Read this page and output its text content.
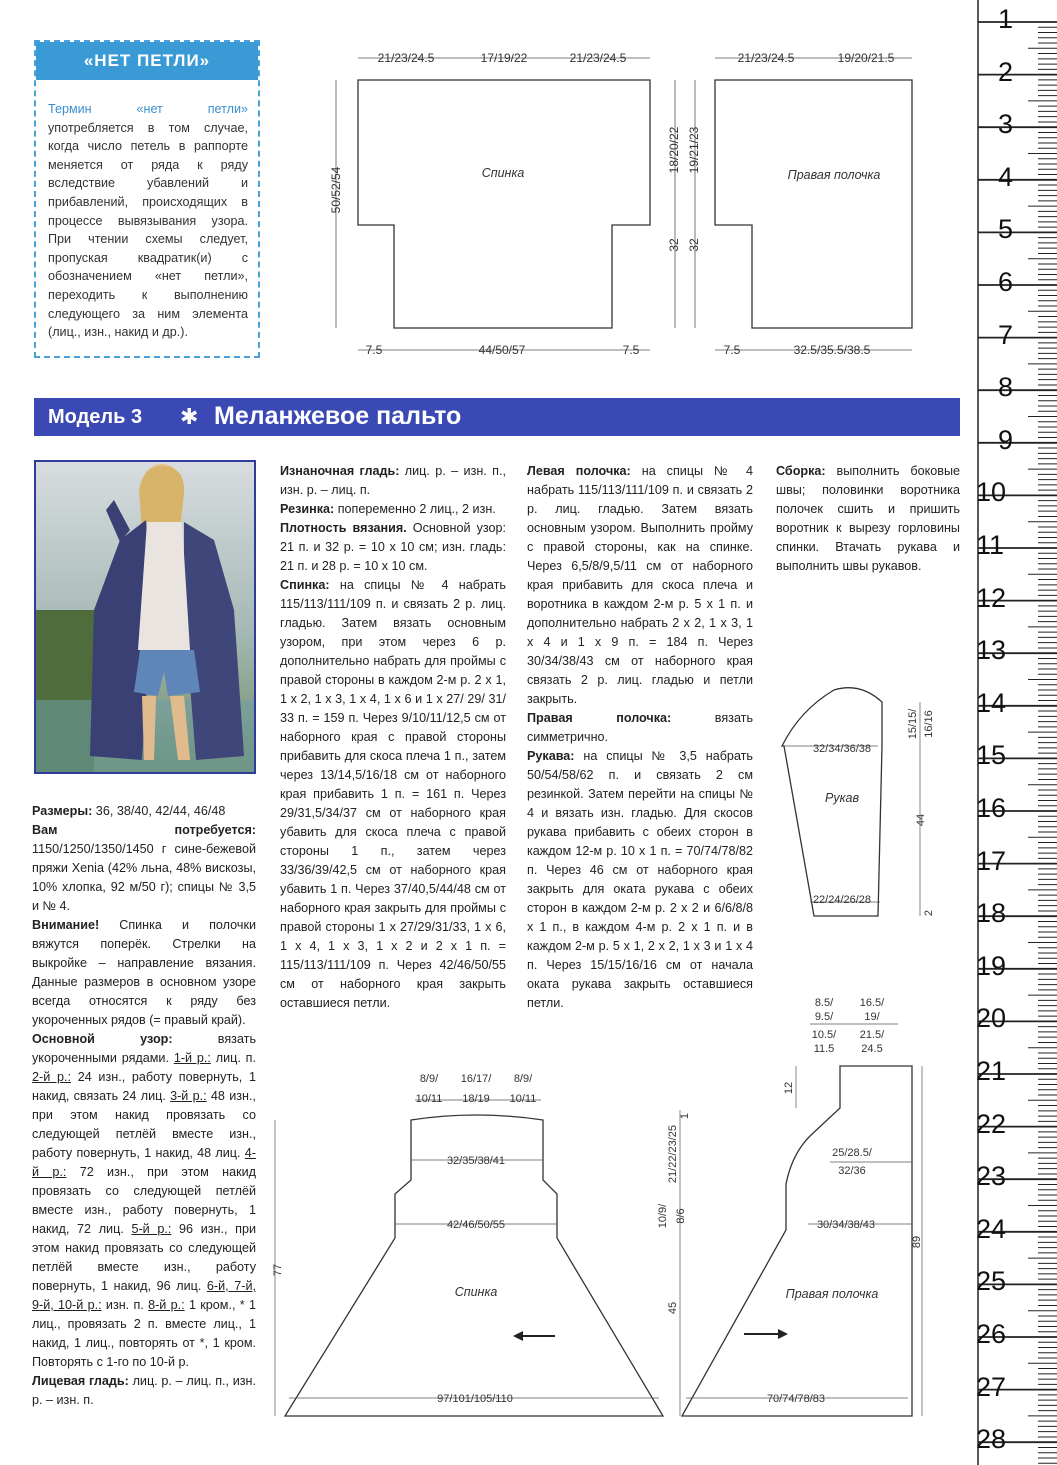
«НЕТ ПЕТЛИ»
Термин «нет петли» употребляется в том случае, когда число петель в раппорте меняется от ряда к ряду вследствие убавлений и прибавлений, происходящих в процессе вывязывания узора. При чтении схемы следует, пропуская квадратик(и) с обозначением «нет петли», переходить к выполнению следующего за ним элемента (лиц., изн., накид и др.).
21/23/24.5	17/19/22	21/23/24.5	21/23/24.5	19/20/21.5
50/52/54
18/20/22 19/21/23
32 32
7.5	44/50/57	7.5	7.5	32.5/35.5/38.5
Спинка	Правая полочка
Модель 3 ✱ Меланжевое пальто

Размеры: 36, 38/40, 42/44, 46/48

Вам потребуется: 1150/1250/1350/1450 г сине-бежевой пряжи Xenia (42% льна, 48% вискозы, 10% хлопка, 92 м/50 г); спицы № 3,5 и № 4.

Внимание! Спинка и полочки вяжутся поперёк. Стрелки на выкройке – направление вязания. Данные размеров в основном узоре всегда относятся к ряду без укороченных рядов (= правый край).

Основной узор: вязать укороченными рядами. 1-й р.: лиц. п. 2-й р.: 24 изн., работу повернуть, 1 накид, связать 24 лиц. 3-й р.: 48 изн., при этом накид провязать со следующей петлёй вместе изн., работу повернуть, 1 накид, 48 лиц. 4-й р.: 72 изн., при этом накид провязать со следующей петлёй вместе изн., работу повернуть, 1 накид, 72 лиц. 5-й р.: 96 изн., при этом накид провязать со следующей петлёй вместе изн., работу повернуть, 1 накид, 96 лиц. 6-й, 7-й, 9-й, 10-й р.: изн. п. 8-й р.: 1 кром., * 1 лиц., провязать 2 п. вместе лиц., 1 накид, 1 лиц., повторять от *, 1 кром. Повторять с 1-го по 10-й р.

Лицевая гладь: лиц. р. – лиц. п., изн. р. – изн. п.

Изнаночная гладь: лиц. р. – изн. п., изн. р. – лиц. п.

Резинка: попеременно 2 лиц., 2 изн.

Плотность вязания. Основной узор: 21 п. и 32 р. = 10 х 10 см; изн. гладь: 21 п. и 28 р. = 10 х 10 см.

Спинка: на спицы № 4 набрать 115/113/111/109 п. и связать 2 р. лиц. гладью. Затем вязать основным узором, при этом через 6 р. дополнительно набрать для проймы с правой стороны в каждом 2-м р. 2 х 1, 1 х 2, 1 х 3, 1 х 4, 1 х 6 и 1 х 27/ 29/ 31/ 33 п. = 159 п. Через 9/10/11/12,5 см от наборного края с правой стороны прибавить для скоса плеча 1 п., затем через 13/14,5/16/18 см от наборного края прибавить 1 п. = 161 п. Через 29/31,5/34/37 см от наборного края убавить для скоса плеча с правой стороны 1 п., затем через 33/36/39/42,5 см от наборного края убавить 1 п. Через 37/40,5/44/48 см от наборного края закрыть для проймы с правой стороны 1 х 27/29/31/33, 1 х 6, 1 х 4, 1 х 3, 1 х 2 и 2 х 1 п. = 115/113/111/109 п. Через 42/46/50/55 см от наборного края закрыть оставшиеся петли.

Левая полочка: на спицы № 4 набрать 115/113/111/109 п. и связать 2 р. лиц. гладью. Затем вязать основным узором. Выполнить пройму с правой стороны, как на спинке. Через 6,5/8/9,5/11 см от наборного края прибавить для скоса плеча и воротника в каждом 2-м р. 5 х 1 п. и дополнительно набрать 2 х 2, 1 х 3, 1 х 4 и 1 х 9 п. = 184 п. Через 30/34/38/43 см от наборного края связать 2 р. лиц. гладью и петли закрыть.

Правая полочка: вязать симметрично.

Рукава: на спицы № 3,5 набрать 50/54/58/62 п. и связать 2 см резинкой. Затем перейти на спицы № 4 и вязать изн. гладью. Для скосов рукава прибавить с обеих сторон в каждом 12-м р. 10 х 1 п. = 70/74/78/82 п. Через 46 см от наборного края закрыть для оката рукава с обеих сторон в каждом 2-м р. 2 х 2 и 6/6/8/8 х 1 п., в каждом 4-м р. 2 х 1 п. и в каждом 2-м р. 5 х 1, 2 х 2, 1 х 3 и 1 х 4 п. Через 15/15/16/16 см от начала оката рукава закрыть оставшиеся петли.

Сборка: выполнить боковые швы; половинки воротника полочек сшить и пришить воротник к вырезу горловины спинки. Втачать рукава и выполнить швы рукавов.

32/34/36/38
Рукав
22/24/26/28
15/15/ 16/16
44
2
8/9/ 16/17/ 8/9/
10/11 18/19 10/11
32/35/38/41
42/46/50/55
Спинка
97/101/105/110
77
8.5/ 16.5/
9.5/	19/
10.5/ 21.5/
11.5 24.5
12
25/28.5/
32/36
30/34/38/43
Правая полочка
70/74/78/83
89
21/22/23/25
1
10/9/ 8/6
45
1
2
3
4
5
6
7
8
9
10
11
12
13
14
15
16
17
18
19
20
21
22
23
24
25
26
27
28
